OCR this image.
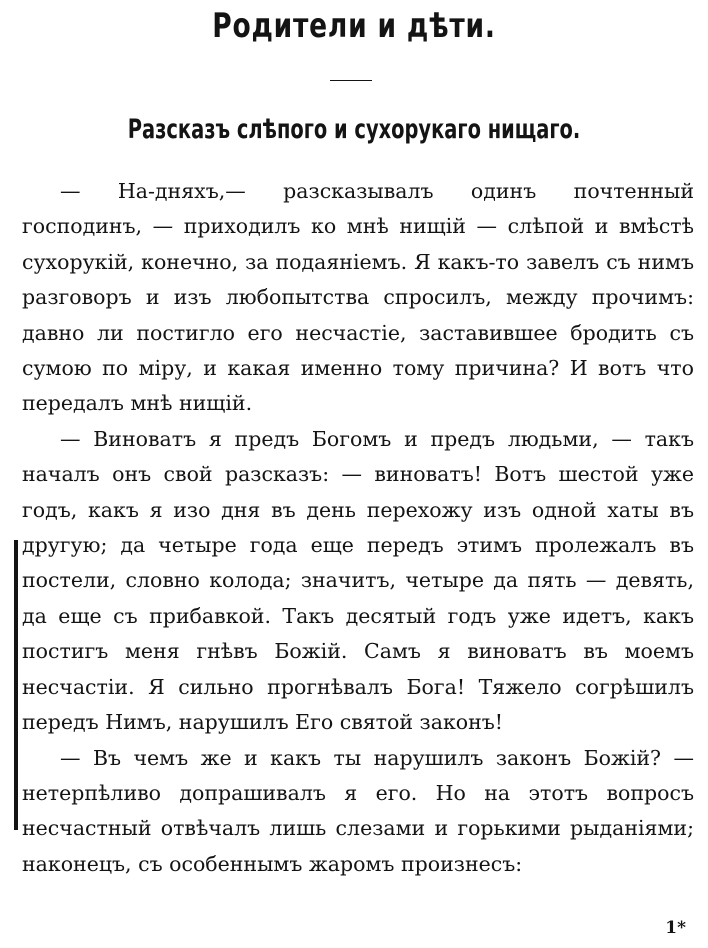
Родители и дѣти.
Разсказъ слѣпого и сухорукаго нищаго.

— На-дняхъ,— разсказывалъ одинъ почтенный господинъ, — приходилъ ко мнѣ нищій — слѣпой и вмѣстѣ сухорукій, конечно, за подаяніемъ. Я какъ-то завелъ съ нимъ разговоръ и изъ любопытства спросилъ, между прочимъ: давно ли постигло его несчастіе, заставившее бродить съ сумою по міру, и какая именно тому причина? И вотъ что передалъ мнѣ нищій.

— Виноватъ я предъ Богомъ и предъ людьми, — такъ началъ онъ свой разсказъ: — виноватъ! Вотъ шестой уже годъ, какъ я изо дня въ день перехожу изъ одной хаты въ другую; да четыре года еще передъ этимъ пролежалъ въ постели, словно колода; значитъ, четыре да пять — девять, да еще съ прибавкой. Такъ десятый годъ уже идетъ, какъ постигъ меня гнѣвъ Божій. Самъ я виноватъ въ моемъ несчастіи. Я сильно прогнѣвалъ Бога! Тяжело согрѣшилъ передъ Нимъ, нарушилъ Его святой законъ!

— Въ чемъ же и какъ ты нарушилъ законъ Божій? — нетерпѣливо допрашивалъ я его. Но на этотъ вопросъ несчастный отвѣчалъ лишь слезами и горькими рыданіями; наконецъ, съ особеннымъ жаромъ произнесъ:

1*
